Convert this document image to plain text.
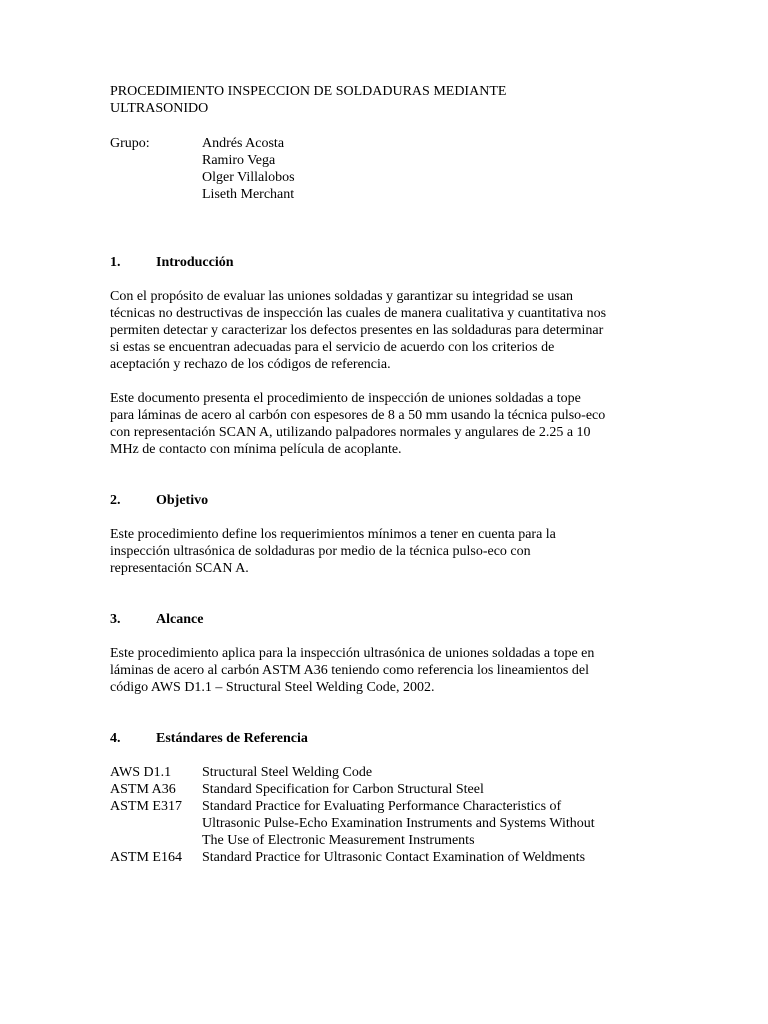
PROCEDIMIENTO INSPECCION DE SOLDADURAS MEDIANTE
ULTRASONIDO
Grupo:	Andrés Acosta
Ramiro Vega
Olger Villalobos
Liseth Merchant
1.	Introducción
Con el propósito de evaluar las uniones soldadas y garantizar su integridad se usan
técnicas no destructivas de inspección las cuales de manera cualitativa y cuantitativa nos
permiten detectar y caracterizar los defectos presentes en las soldaduras para determinar
si estas se encuentran adecuadas para el servicio de acuerdo con los criterios de
aceptación y rechazo de los códigos de referencia.
Este documento presenta el procedimiento de inspección de uniones soldadas a tope
para láminas de acero al carbón con espesores de 8 a 50 mm usando la técnica pulso-eco
con representación SCAN A, utilizando palpadores normales y angulares de 2.25 a 10
MHz de contacto con mínima película de acoplante.
2.	Objetivo
Este procedimiento define los requerimientos mínimos a tener en cuenta para la
inspección ultrasónica de soldaduras por medio de la técnica pulso-eco con
representación SCAN A.
3.	Alcance
Este procedimiento aplica para la inspección ultrasónica de uniones soldadas a tope en
láminas de acero al carbón ASTM A36 teniendo como referencia los lineamientos del
código AWS D1.1 – Structural Steel Welding Code, 2002.
4.	Estándares de Referencia
AWS D1.1	Structural Steel Welding Code
ASTM A36	Standard Specification for Carbon Structural Steel
ASTM E317	Standard Practice for Evaluating Performance Characteristics of
Ultrasonic Pulse-Echo Examination Instruments and Systems Without
The Use of Electronic Measurement Instruments
ASTM E164	Standard Practice for Ultrasonic Contact Examination of Weldments
